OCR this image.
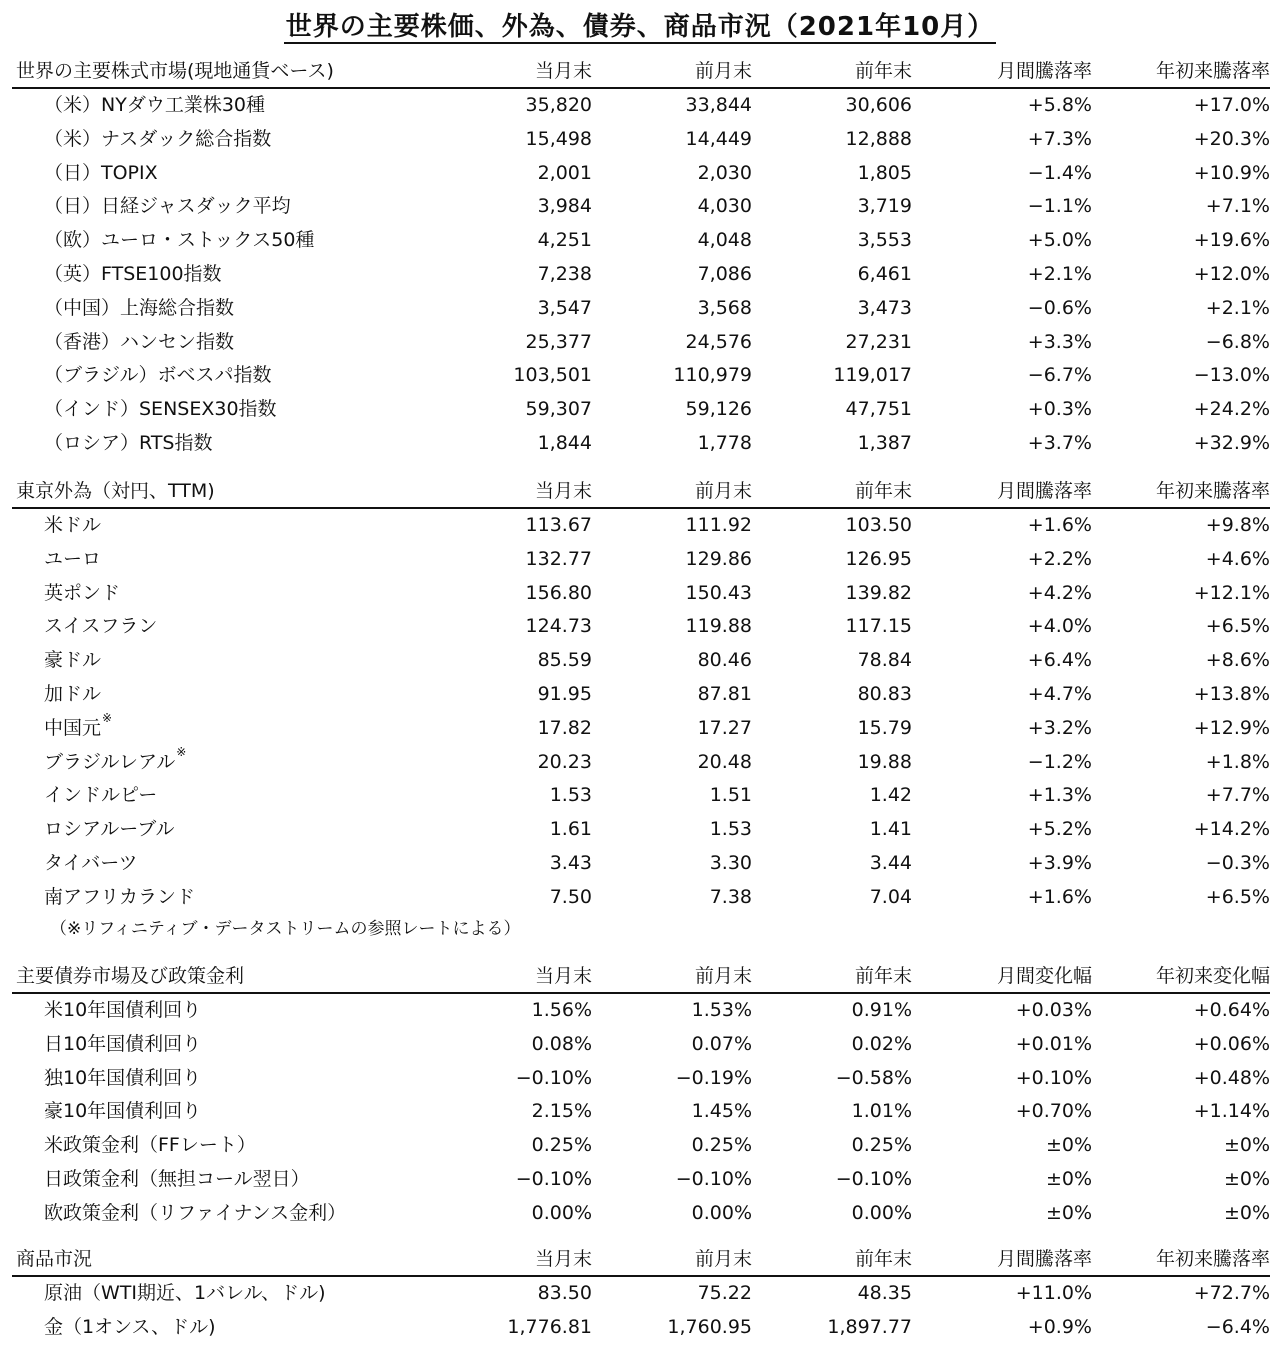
世界の主要株価、外為、債券、商品市況（2021年10月）
世界の主要株式市場(現地通貨ベース)	当月末	前月末	前年末	月間騰落率	年初来騰落率
（米）NYダウ工業株30種	35,820	33,844	30,606	+5.8%	+17.0%
（米）ナスダック総合指数	15,498	14,449	12,888	+7.3%	+20.3%
（日）TOPIX	2,001	2,030	1,805	−1.4%	+10.9%
（日）日経ジャスダック平均	3,984	4,030	3,719	−1.1%	+7.1%
（欧）ユーロ・ストックス50種	4,251	4,048	3,553	+5.0%	+19.6%
（英）FTSE100指数	7,238	7,086	6,461	+2.1%	+12.0%
（中国）上海総合指数	3,547	3,568	3,473	−0.6%	+2.1%
（香港）ハンセン指数	25,377	24,576	27,231	+3.3%	−6.8%
（ブラジル）ボベスパ指数	103,501	110,979	119,017	−6.7%	−13.0%
（インド）SENSEX30指数	59,307	59,126	47,751	+0.3%	+24.2%
（ロシア）RTS指数	1,844	1,778	1,387	+3.7%	+32.9%
東京外為（対円、TTM)	当月末	前月末	前年末	月間騰落率	年初来騰落率
米ドル	113.67	111.92	103.50	+1.6%	+9.8%
ユーロ	132.77	129.86	126.95	+2.2%	+4.6%
英ポンド	156.80	150.43	139.82	+4.2%	+12.1%
スイスフラン	124.73	119.88	117.15	+4.0%	+6.5%
豪ドル	85.59	80.46	78.84	+6.4%	+8.6%
加ドル	91.95	87.81	80.83	+4.7%	+13.8%
中国元※	17.82	17.27	15.79	+3.2%	+12.9%
ブラジルレアル※	20.23	20.48	19.88	−1.2%	+1.8%
インドルピー	1.53	1.51	1.42	+1.3%	+7.7%
ロシアルーブル	1.61	1.53	1.41	+5.2%	+14.2%
タイバーツ	3.43	3.30	3.44	+3.9%	−0.3%
南アフリカランド	7.50	7.38	7.04	+1.6%	+6.5%
（※リフィニティブ・データストリームの参照レートによる）
主要債券市場及び政策金利	当月末	前月末	前年末	月間変化幅	年初来変化幅
米10年国債利回り	1.56%	1.53%	0.91%	+0.03%	+0.64%
日10年国債利回り	0.08%	0.07%	0.02%	+0.01%	+0.06%
独10年国債利回り	−0.10%	−0.19%	−0.58%	+0.10%	+0.48%
豪10年国債利回り	2.15%	1.45%	1.01%	+0.70%	+1.14%
米政策金利（FFレート）	0.25%	0.25%	0.25%	±0%	±0%
日政策金利（無担コール翌日）	−0.10%	−0.10%	−0.10%	±0%	±0%
欧政策金利（リファイナンス金利）	0.00%	0.00%	0.00%	±0%	±0%
商品市況	当月末	前月末	前年末	月間騰落率	年初来騰落率
原油（WTI期近、1バレル、ドル)	83.50	75.22	48.35	+11.0%	+72.7%
金（1オンス、ドル)	1,776.81	1,760.95	1,897.77	+0.9%	−6.4%
